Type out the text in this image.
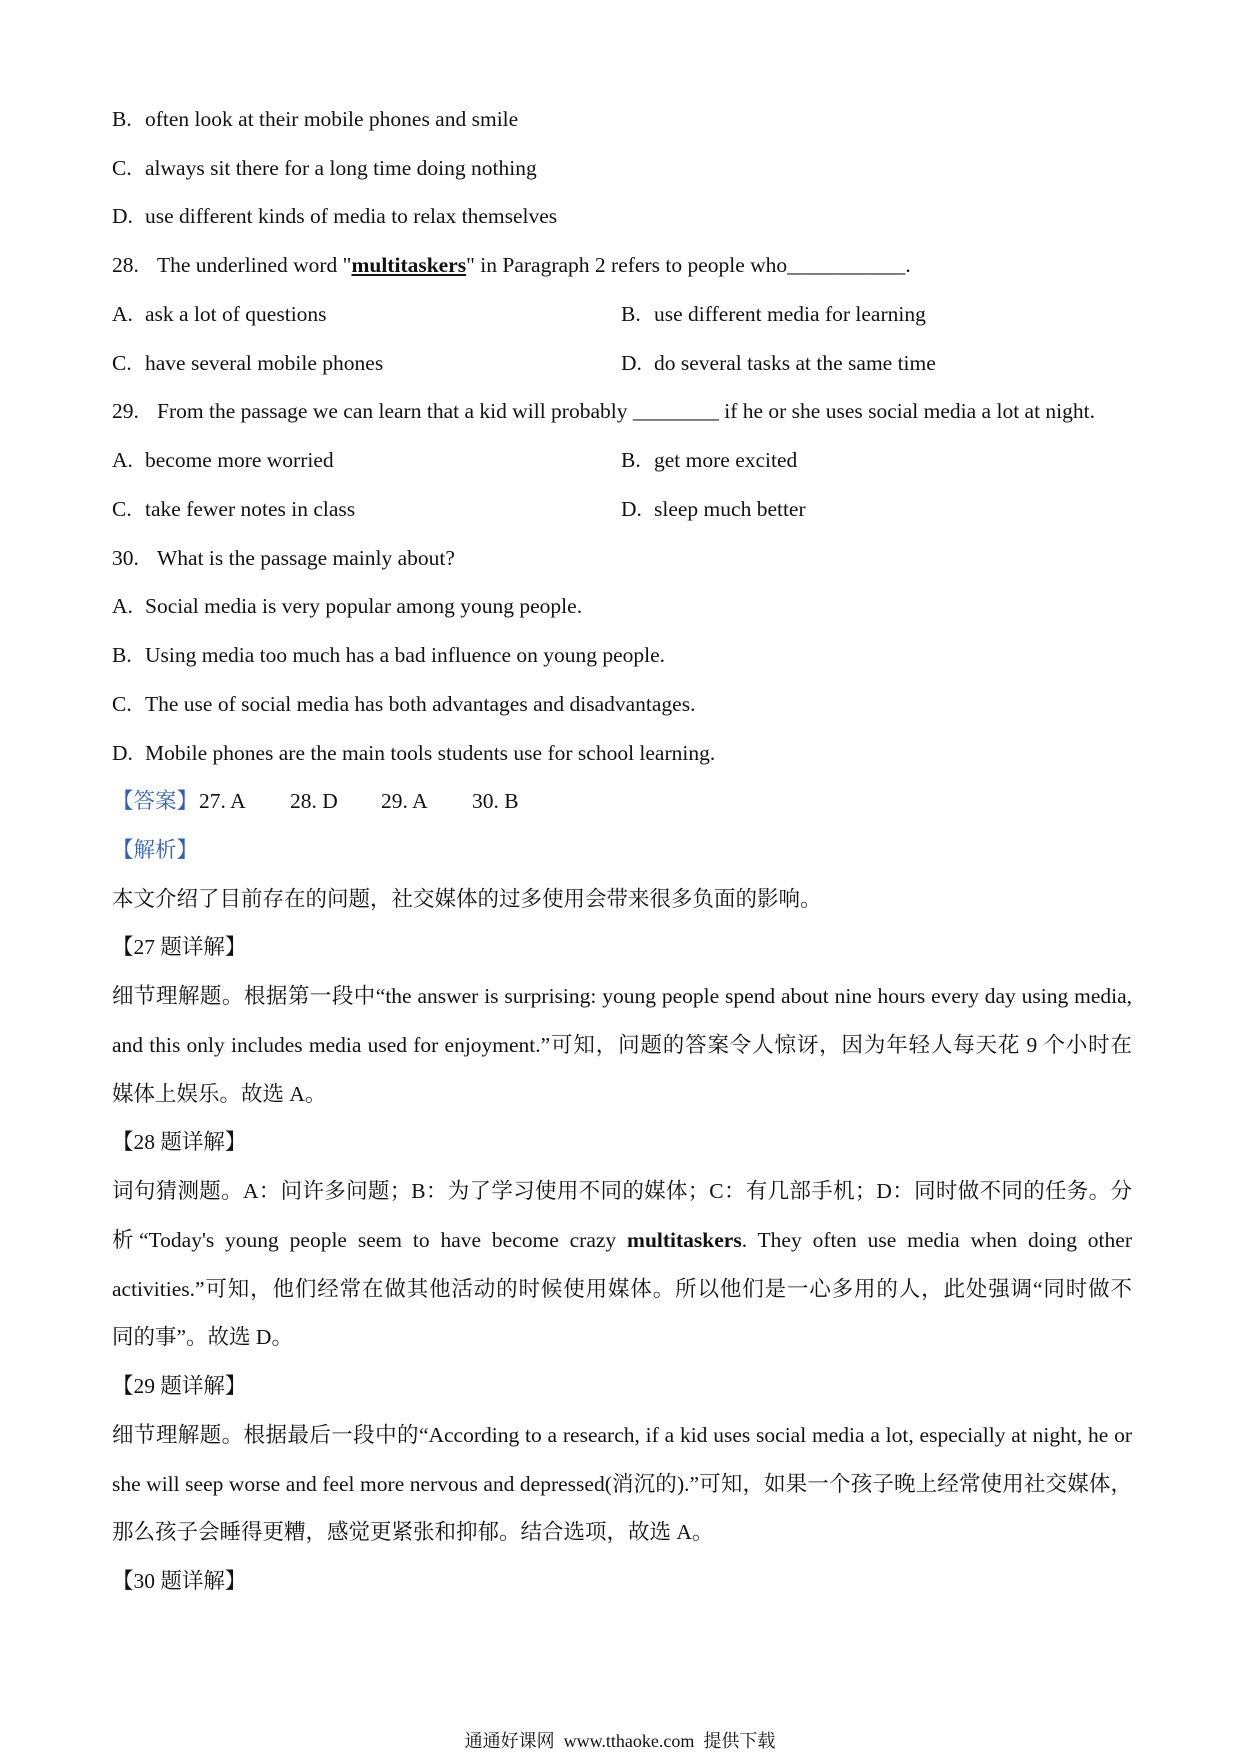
B. often look at their mobile phones and smile
C. always sit there for a long time doing nothing
D. use different kinds of media to relax themselves
28. The underlined word "multitaskers" in Paragraph 2 refers to people who___________.
A. ask a lot of questions	B. use different media for learning
C. have several mobile phones	D. do several tasks at the same time
29. From the passage we can learn that a kid will probably ________ if he or she uses social media a lot at night.
A. become more worried	B. get more excited
C. take fewer notes in class	D. sleep much better
30. What is the passage mainly about?
A. Social media is very popular among young people.
B. Using media too much has a bad influence on young people.
C. The use of social media has both advantages and disadvantages.
D. Mobile phones are the main tools students use for school learning.
【答案】27. A 28. D 29. A 30. B
【解析】
本文介绍了目前存在的问题，社交媒体的过多使用会带来很多负面的影响。
【27 题详解】
细节理解题。根据第一段中“the answer is surprising: young people spend about nine hours every day using media,
and this only includes media used for enjoyment.”可知，问题的答案令人惊讶，因为年轻人每天花 9 个小时在
媒体上娱乐。故选 A。
【28 题详解】
词句猜测题。A：问许多问题；B：为了学习使用不同的媒体；C：有几部手机；D：同时做不同的任务。分
析“Today's young people seem to have become crazy multitaskers. They often use media when doing other
activities.”可知，他们经常在做其他活动的时候使用媒体。所以他们是一心多用的人，此处强调“同时做不
同的事”。故选 D。
【29 题详解】
细节理解题。根据最后一段中的“According to a research, if a kid uses social media a lot, especially at night, he or
she will seep worse and feel more nervous and depressed(消沉的).”可知，如果一个孩子晚上经常使用社交媒体，
那么孩子会睡得更糟，感觉更紧张和抑郁。结合选项，故选 A。
【30 题详解】
通通好课网  www.tthaoke.com  提供下载
